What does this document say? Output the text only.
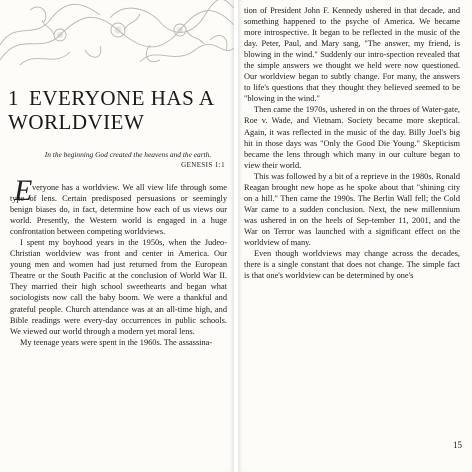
1 EVERYONE HAS A WORLDVIEW
In the beginning God created the heavens and the earth.
GENESIS 1:1
E veryone has a worldview. We all view life through some type of lens. Certain predisposed persuasions or seemingly benign biases do, in fact, determine how each of us views our world. Presently, the Western world is engaged in a huge confrontation between competing worldviews.

I spent my boyhood years in the 1950s, when the Judeo-Christian worldview was front and center in America. Our young men and women had just returned from the European Theatre or the South Pacific at the conclusion of World War II. They married their high school sweethearts and began what sociologists now call the baby boom. We were a thankful and grateful people. Church attendance was at an all-time high, and Bible readings were every-day occurrences in public schools. We viewed our world through a modern yet moral lens.

My teenage years were spent in the 1960s. The assassina-

tion of President John F. Kennedy ushered in that decade, and something happened to the psyche of America. We became more introspective. It began to be reflected in the music of the day. Peter, Paul, and Mary sang, "The answer, my friend, is blowing in the wind." Suddenly our intro-spection revealed that the simple answers we thought we held were now questioned. Our worldview began to subtly change. For many, the answers to life's questions that they thought they believed seemed to be "blowing in the wind."

Then came the 1970s, ushered in on the throes of Water-gate, Roe v. Wade, and Vietnam. Society became more skeptical. Again, it was reflected in the music of the day. Billy Joel's big hit in those days was "Only the Good Die Young." Skepticism became the lens through which many in our culture began to view their world.

This was followed by a bit of a reprieve in the 1980s. Ronald Reagan brought new hope as he spoke about that "shining city on a hill." Then came the 1990s. The Berlin Wall fell; the Cold War came to a sudden conclusion. Next, the new millennium was ushered in on the heels of Sep-tember 11, 2001, and the War on Terror was launched with a significant effect on the worldview of many.

Even though worldviews may change across the decades, there is a single constant that does not change. The simple fact is that one's worldview can be determined by one's

15
